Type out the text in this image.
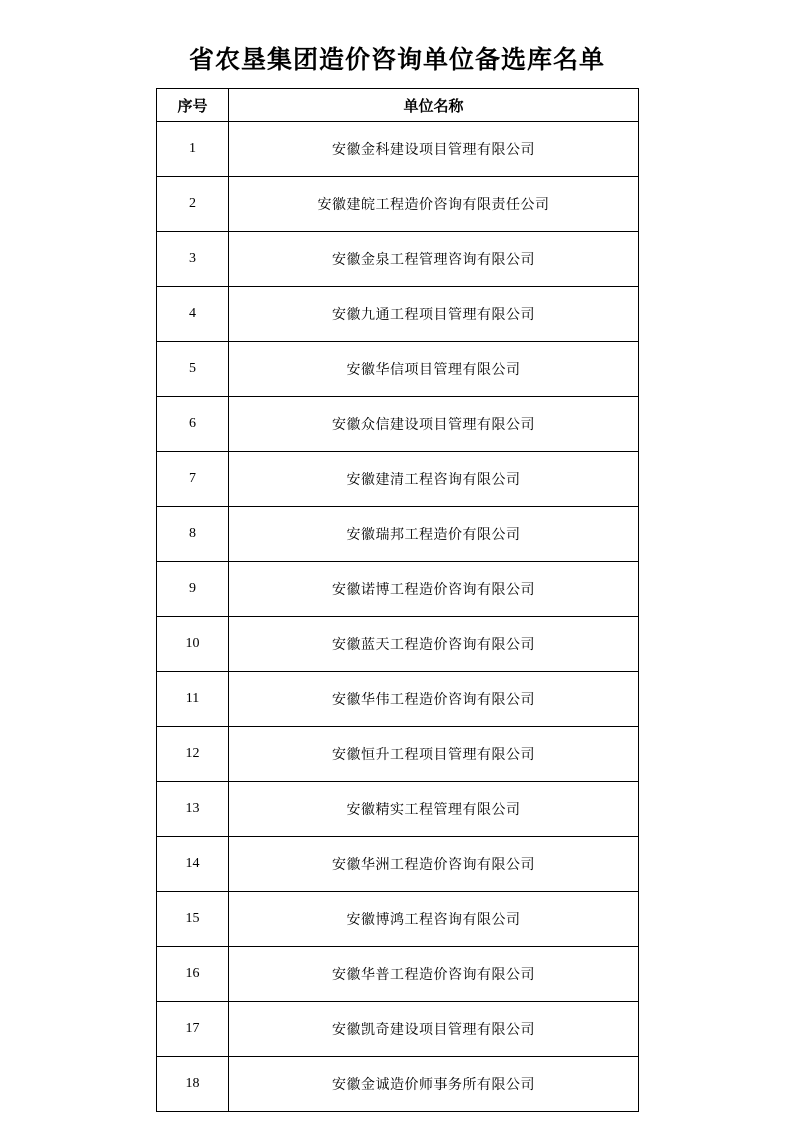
省农垦集团造价咨询单位备选库名单
序号	单位名称
1	安徽金科建设项目管理有限公司
2	安徽建皖工程造价咨询有限责任公司
3	安徽金泉工程管理咨询有限公司
4	安徽九通工程项目管理有限公司
5	安徽华信项目管理有限公司
6	安徽众信建设项目管理有限公司
7	安徽建清工程咨询有限公司
8	安徽瑞邦工程造价有限公司
9	安徽诺博工程造价咨询有限公司
10	安徽蓝天工程造价咨询有限公司
11	安徽华伟工程造价咨询有限公司
12	安徽恒升工程项目管理有限公司
13	安徽精实工程管理有限公司
14	安徽华洲工程造价咨询有限公司
15	安徽博鸿工程咨询有限公司
16	安徽华普工程造价咨询有限公司
17	安徽凯奇建设项目管理有限公司
18	安徽金诚造价师事务所有限公司
